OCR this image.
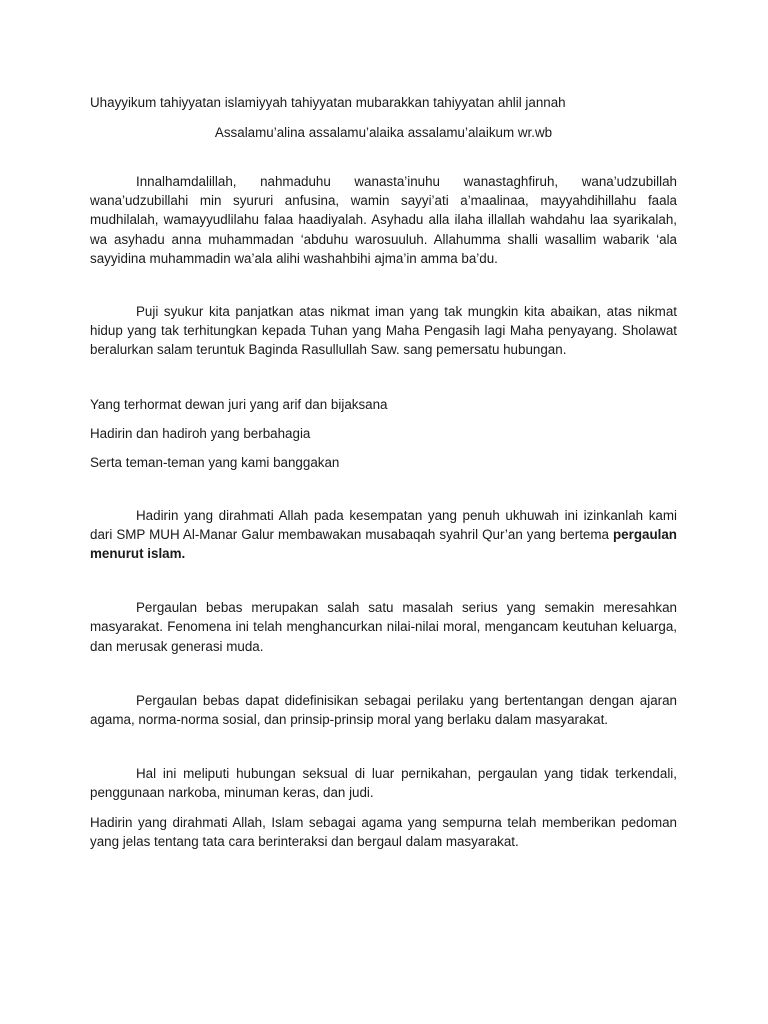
Uhayyikum tahiyyatan islamiyyah tahiyyatan mubarakkan tahiyyatan ahlil jannah

Assalamu’alina assalamu’alaika assalamu’alaikum wr.wb

Innalhamdalillah, nahmaduhu wanasta’inuhu wanastaghfiruh, wana’udzubillah wana’udzubillahi min syururi anfusina, wamin sayyi’ati a’maalinaa, mayyahdihillahu faala mudhilalah, wamayyudlilahu falaa haadiyalah. Asyhadu alla ilaha illallah wahdahu laa syarikalah, wa asyhadu anna muhammadan ‘abduhu warosuuluh. Allahumma shalli wasallim wabarik ‘ala sayyidina muhammadin wa’ala alihi washahbihi ajma’in amma ba’du.

Puji syukur kita panjatkan atas nikmat iman yang tak mungkin kita abaikan, atas nikmat hidup yang tak terhitungkan kepada Tuhan yang Maha Pengasih lagi Maha penyayang. Sholawat beralurkan salam teruntuk Baginda Rasullullah Saw. sang pemersatu hubungan.

Yang terhormat dewan juri yang arif dan bijaksana

Hadirin dan hadiroh yang berbahagia

Serta teman-teman yang kami banggakan

Hadirin yang dirahmati Allah pada kesempatan yang penuh ukhuwah ini izinkanlah kami dari SMP MUH Al-Manar Galur membawakan musabaqah syahril Qur’an yang bertema pergaulan menurut islam.

Pergaulan bebas merupakan salah satu masalah serius yang semakin meresahkan masyarakat. Fenomena ini telah menghancurkan nilai-nilai moral, mengancam keutuhan keluarga, dan merusak generasi muda.

Pergaulan bebas dapat didefinisikan sebagai perilaku yang bertentangan dengan ajaran agama, norma-norma sosial, dan prinsip-prinsip moral yang berlaku dalam masyarakat.

Hal ini meliputi hubungan seksual di luar pernikahan, pergaulan yang tidak terkendali, penggunaan narkoba, minuman keras, dan judi.

Hadirin yang dirahmati Allah, Islam sebagai agama yang sempurna telah memberikan pedoman yang jelas tentang tata cara berinteraksi dan bergaul dalam masyarakat.
